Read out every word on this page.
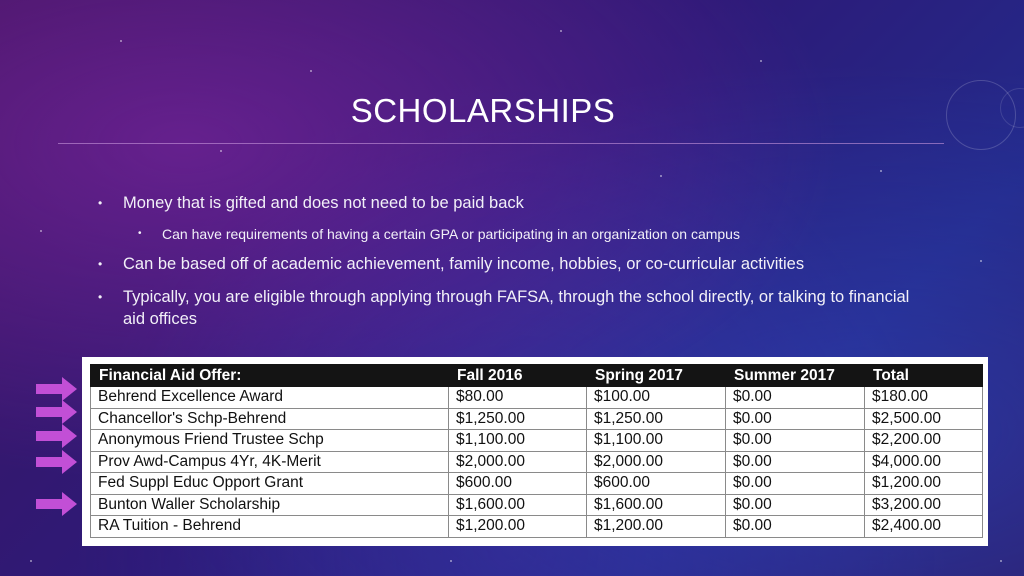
SCHOLARSHIPS
• Money that is gifted and does not need to be paid back
• Can have requirements of having a certain GPA or participating in an organization on campus
• Can be based off of academic achievement, family income, hobbies, or co-curricular activities
• Typically, you are eligible through applying through FAFSA, through the school directly, or talking to financial aid offices
Financial Aid Offer:	Fall 2016	Spring 2017	Summer 2017	Total
Behrend Excellence Award	$80.00	$100.00	$0.00	$180.00
Chancellor's Schp-Behrend	$1,250.00	$1,250.00	$0.00	$2,500.00
Anonymous Friend Trustee Schp	$1,100.00	$1,100.00	$0.00	$2,200.00
Prov Awd-Campus 4Yr, 4K-Merit	$2,000.00	$2,000.00	$0.00	$4,000.00
Fed Suppl Educ Opport Grant	$600.00	$600.00	$0.00	$1,200.00
Bunton Waller Scholarship	$1,600.00	$1,600.00	$0.00	$3,200.00
RA Tuition - Behrend	$1,200.00	$1,200.00	$0.00	$2,400.00
